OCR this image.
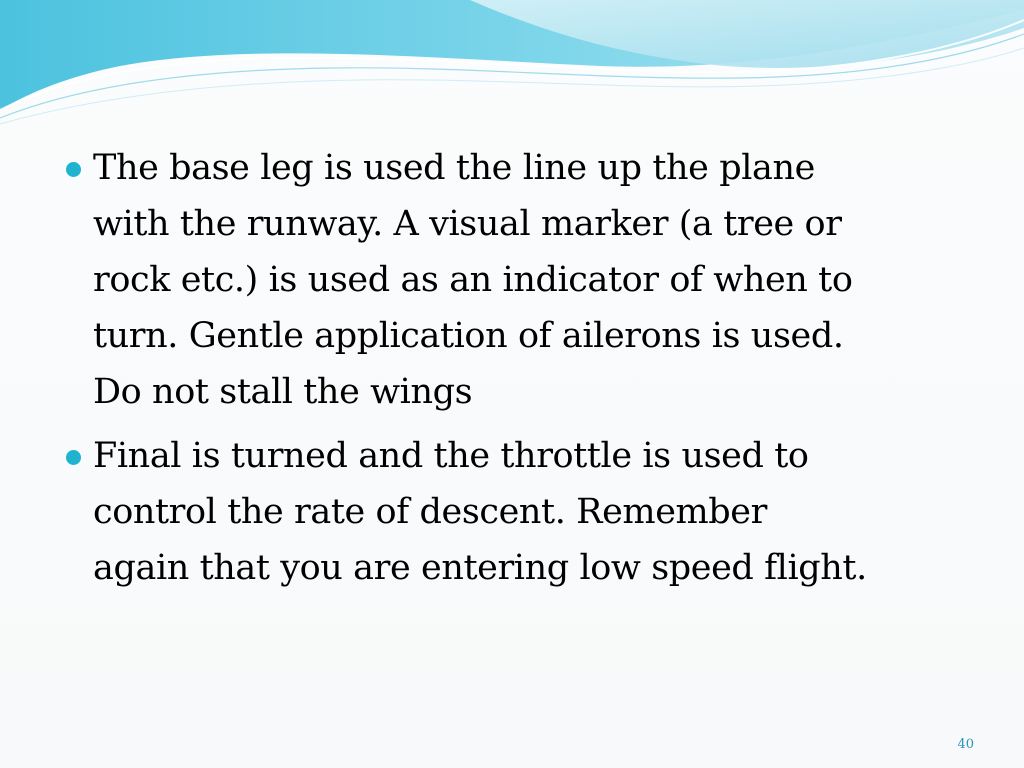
The base leg is used the line up the plane
with the runway. A visual marker (a tree or
rock etc.) is used as an indicator of when to
turn. Gentle application of ailerons is used.
Do not stall the wings
Final is turned and the throttle is used to
control the rate of descent. Remember
again that you are entering low speed flight.
40
